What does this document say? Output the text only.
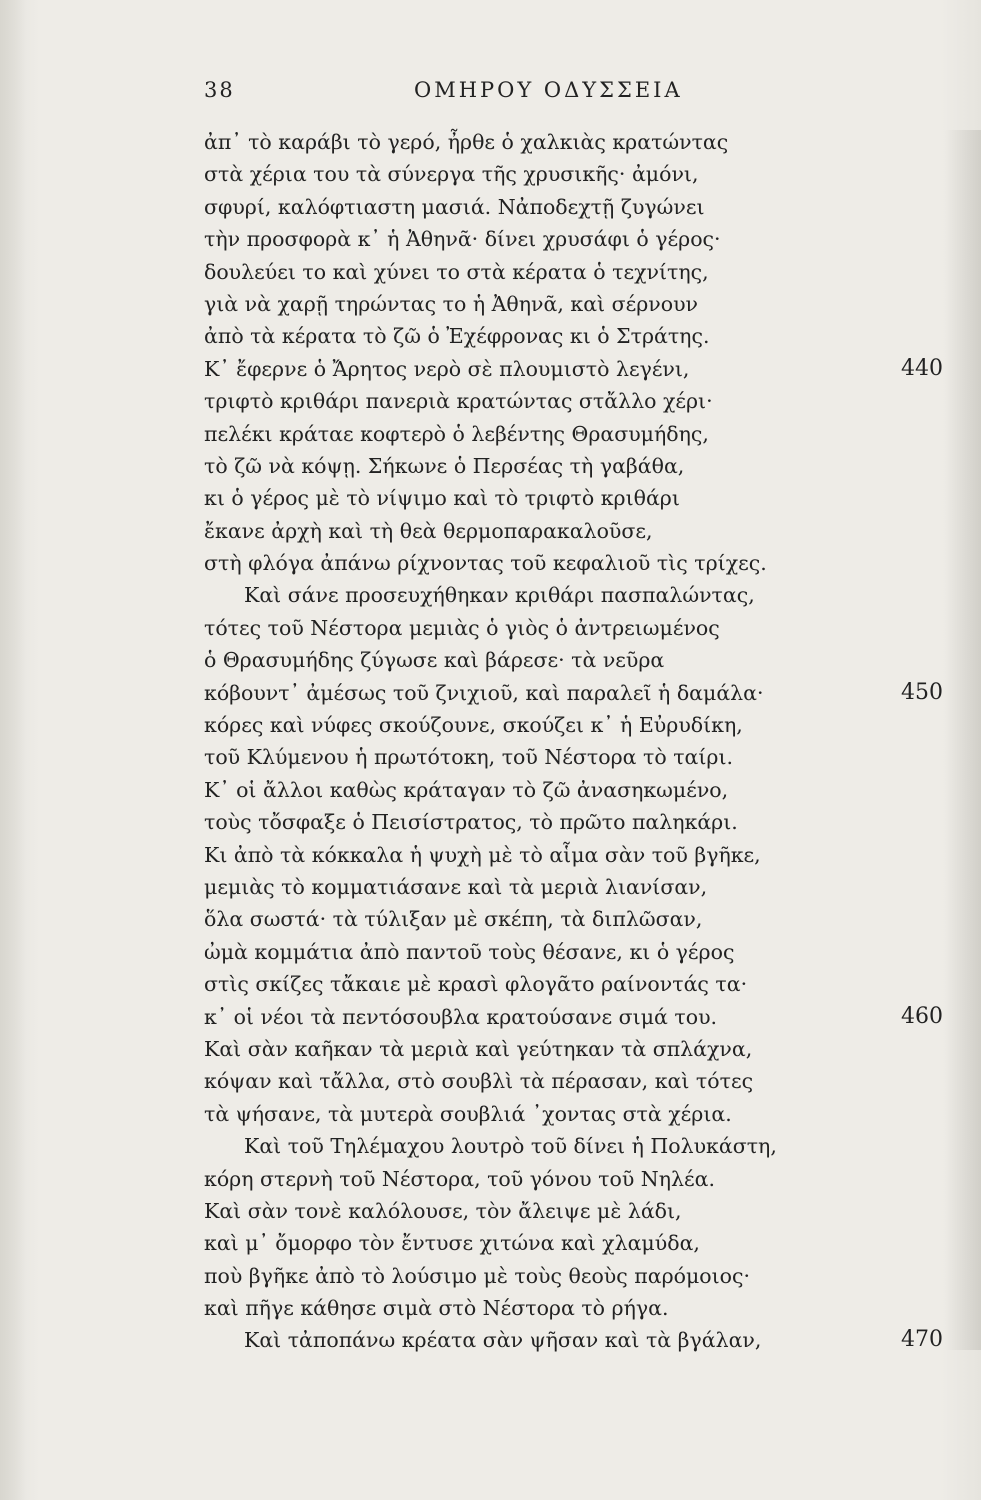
38	ΟΜΗΡΟΥ ΟΔΥΣΣΕΙΑ
ἀπ᾿ τὸ καράβι τὸ γερό, ἦρθε ὁ χαλκιὰς κρατώντας
στὰ χέρια του τὰ σύνεργα τῆς χρυσικῆς· ἀμόνι,
σφυρί, καλόφτιαστη μασιά. Νἀποδεχτῇ ζυγώνει
τὴν προσφορὰ κ᾿ ἡ Ἀθηνᾶ· δίνει χρυσάφι ὁ γέρος·
δουλεύει το καὶ χύνει το στὰ κέρατα ὁ τεχνίτης,
γιὰ νὰ χαρῇ τηρώντας το ἡ Ἀθηνᾶ, καὶ σέρνουν
ἀπὸ τὰ κέρατα τὸ ζῶ ὁ Ἐχέφρονας κι ὁ Στράτης.
Κ᾿ ἔφερνε ὁ Ἄρητος νερὸ σὲ πλουμιστὸ λεγένι,	440
τριφτὸ κριθάρι πανεριὰ κρατώντας στἄλλο χέρι·
πελέκι κράταε κοφτερὸ ὁ λεβέντης Θρασυμήδης,
τὸ ζῶ νὰ κόψῃ. Σήκωνε ὁ Περσέας τὴ γαβάθα,
κι ὁ γέρος μὲ τὸ νίψιμο καὶ τὸ τριφτὸ κριθάρι
ἔκανε ἀρχὴ καὶ τὴ θεὰ θερμοπαρακαλοῦσε,
στὴ φλόγα ἀπάνω ρίχνοντας τοῦ κεφαλιοῦ τὶς τρίχες.
Καὶ σάνε προσευχήθηκαν κριθάρι πασπαλώντας,
τότες τοῦ Νέστορα μεμιὰς ὁ γιὸς ὁ ἀντρειωμένος
ὁ Θρασυμήδης ζύγωσε καὶ βάρεσε· τὰ νεῦρα
κόβουντ᾿ ἀμέσως τοῦ ζνιχιοῦ, καὶ παραλεῖ ἡ δαμάλα·	450
κόρες καὶ νύφες σκούζουνε, σκούζει κ᾿ ἡ Εὐρυδίκη,
τοῦ Κλύμενου ἡ πρωτότοκη, τοῦ Νέστορα τὸ ταίρι.
Κ᾿ οἱ ἄλλοι καθὼς κράταγαν τὸ ζῶ ἀνασηκωμένο,
τοὺς τὄσφαξε ὁ Πεισίστρατος, τὸ πρῶτο παληκάρι.
Κι ἀπὸ τὰ κόκκαλα ἡ ψυχὴ μὲ τὸ αἷμα σὰν τοῦ βγῆκε,
μεμιὰς τὸ κομματιάσανε καὶ τὰ μεριὰ λιανίσαν,
ὅλα σωστά· τὰ τύλιξαν μὲ σκέπη, τὰ διπλῶσαν,
ὠμὰ κομμάτια ἀπὸ παντοῦ τοὺς θέσανε, κι ὁ γέρος
στὶς σκίζες τἄκαιε μὲ κρασὶ φλογᾶτο ραίνοντάς τα·
κ᾿ οἱ νέοι τὰ πεντόσουβλα κρατούσανε σιμά του.	460
Καὶ σὰν καῆκαν τὰ μεριὰ καὶ γεύτηκαν τὰ σπλάχνα,
κόψαν καὶ τἄλλα, στὸ σουβλὶ τὰ πέρασαν, καὶ τότες
τὰ ψήσανε, τὰ μυτερὰ σουβλιά ᾿χοντας στὰ χέρια.
Καὶ τοῦ Τηλέμαχου λουτρὸ τοῦ δίνει ἡ Πολυκάστη,
κόρη στερνὴ τοῦ Νέστορα, τοῦ γόνου τοῦ Νηλέα.
Καὶ σὰν τονὲ καλόλουσε, τὸν ἄλειψε μὲ λάδι,
καὶ μ᾿ ὄμορφο τὸν ἔντυσε χιτώνα καὶ χλαμύδα,
ποὺ βγῆκε ἀπὸ τὸ λούσιμο μὲ τοὺς θεοὺς παρόμοιος·
καὶ πῆγε κάθησε σιμὰ στὸ Νέστορα τὸ ρήγα.
Καὶ τἀποπάνω κρέατα σὰν ψῆσαν καὶ τὰ βγάλαν,	470
